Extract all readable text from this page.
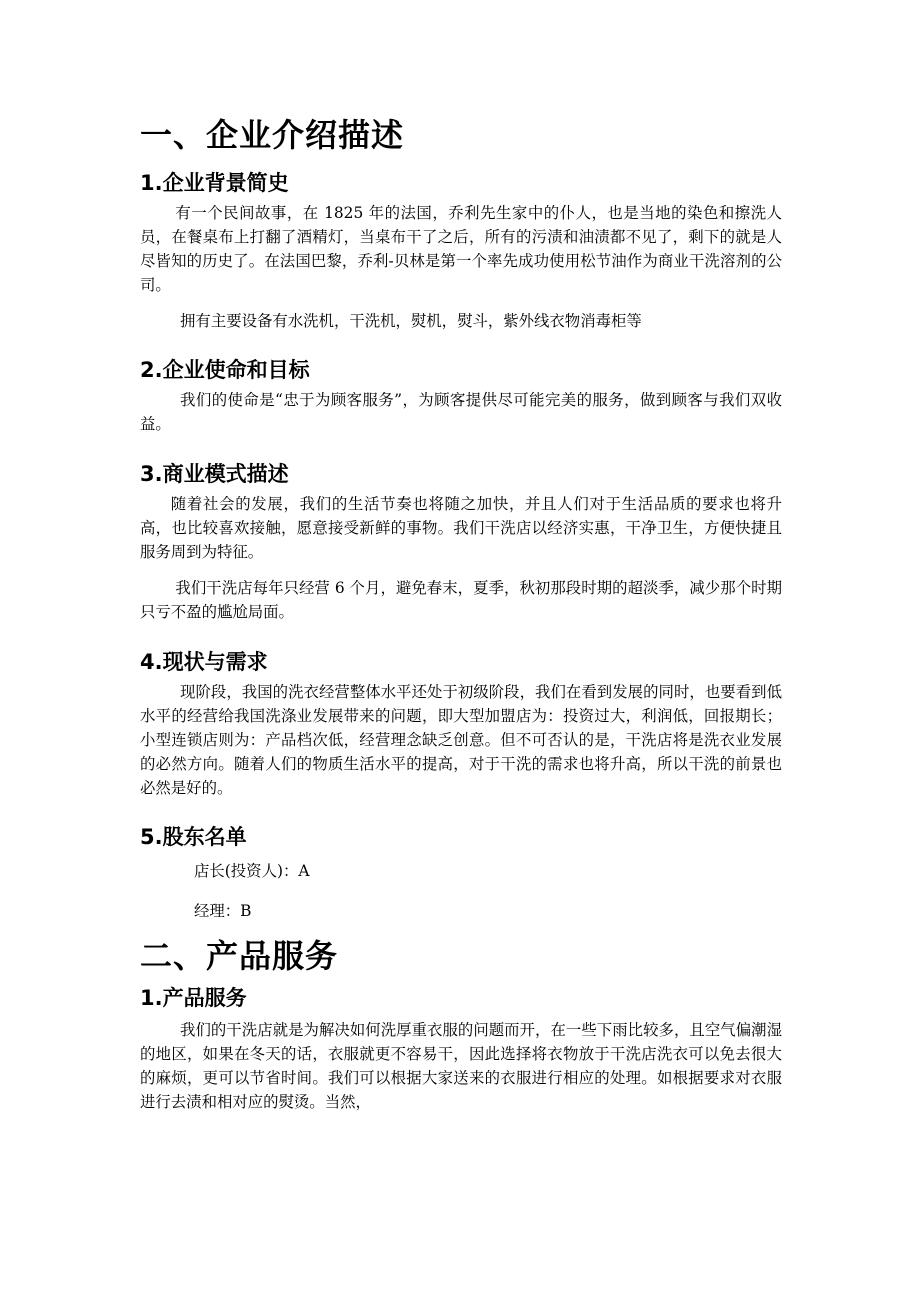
一、企业介绍描述
1.企业背景简史

有一个民间故事，在 1825 年的法国，乔利先生家中的仆人，也是当地的染色和擦洗人员，在餐桌布上打翻了酒精灯，当桌布干了之后，所有的污渍和油渍都不见了，剩下的就是人尽皆知的历史了。在法国巴黎，乔利-贝林是第一个率先成功使用松节油作为商业干洗溶剂的公司。

拥有主要设备有水洗机，干洗机，熨机，熨斗，紫外线衣物消毒柜等

2.企业使命和目标

我们的使命是“忠于为顾客服务”，为顾客提供尽可能完美的服务，做到顾客与我们双收益。

3.商业模式描述

随着社会的发展，我们的生活节奏也将随之加快，并且人们对于生活品质的要求也将升高，也比较喜欢接触，愿意接受新鲜的事物。我们干洗店以经济实惠，干净卫生，方便快捷且服务周到为特征。

我们干洗店每年只经营 6 个月，避免春末，夏季，秋初那段时期的超淡季，减少那个时期只亏不盈的尴尬局面。

4.现状与需求

现阶段，我国的洗衣经营整体水平还处于初级阶段，我们在看到发展的同时，也要看到低水平的经营给我国洗涤业发展带来的问题，即大型加盟店为：投资过大，利润低，回报期长；小型连锁店则为：产品档次低，经营理念缺乏创意。但不可否认的是，干洗店将是洗衣业发展的必然方向。随着人们的物质生活水平的提高，对于干洗的需求也将升高，所以干洗的前景也必然是好的。

5.股东名单

店长(投资人)：A

经理：B

二、产品服务
1.产品服务

我们的干洗店就是为解决如何洗厚重衣服的问题而开，在一些下雨比较多，且空气偏潮湿的地区，如果在冬天的话，衣服就更不容易干，因此选择将衣物放于干洗店洗衣可以免去很大的麻烦，更可以节省时间。我们可以根据大家送来的衣服进行相应的处理。如根据要求对衣服进行去渍和相对应的熨烫。当然，
